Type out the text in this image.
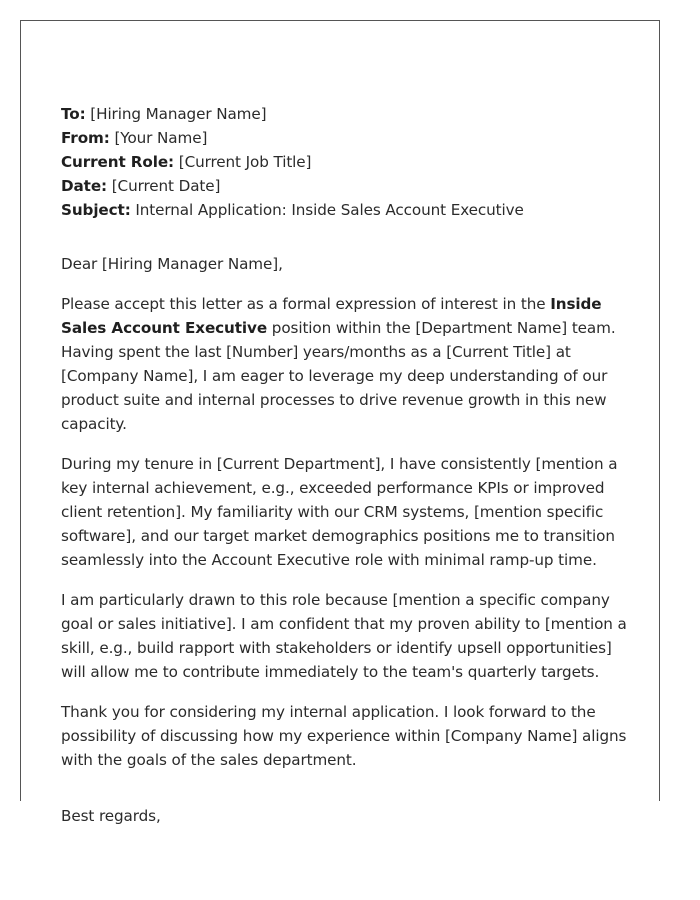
To: [Hiring Manager Name]

From: [Your Name]

Current Role: [Current Job Title]

Date: [Current Date]

Subject: Internal Application: Inside Sales Account Executive

Dear [Hiring Manager Name],

Please accept this letter as a formal expression of interest in the Inside Sales Account Executive position within the [Department Name] team. Having spent the last [Number] years/months as a [Current Title] at [Company Name], I am eager to leverage my deep understanding of our product suite and internal processes to drive revenue growth in this new capacity.

During my tenure in [Current Department], I have consistently [mention a key internal achievement, e.g., exceeded performance KPIs or improved client retention]. My familiarity with our CRM systems, [mention specific software], and our target market demographics positions me to transition seamlessly into the Account Executive role with minimal ramp-up time.

I am particularly drawn to this role because [mention a specific company goal or sales initiative]. I am confident that my proven ability to [mention a skill, e.g., build rapport with stakeholders or identify upsell opportunities] will allow me to contribute immediately to the team's quarterly targets.

Thank you for considering my internal application. I look forward to the possibility of discussing how my experience within [Company Name] aligns with the goals of the sales department.

Best regards,
